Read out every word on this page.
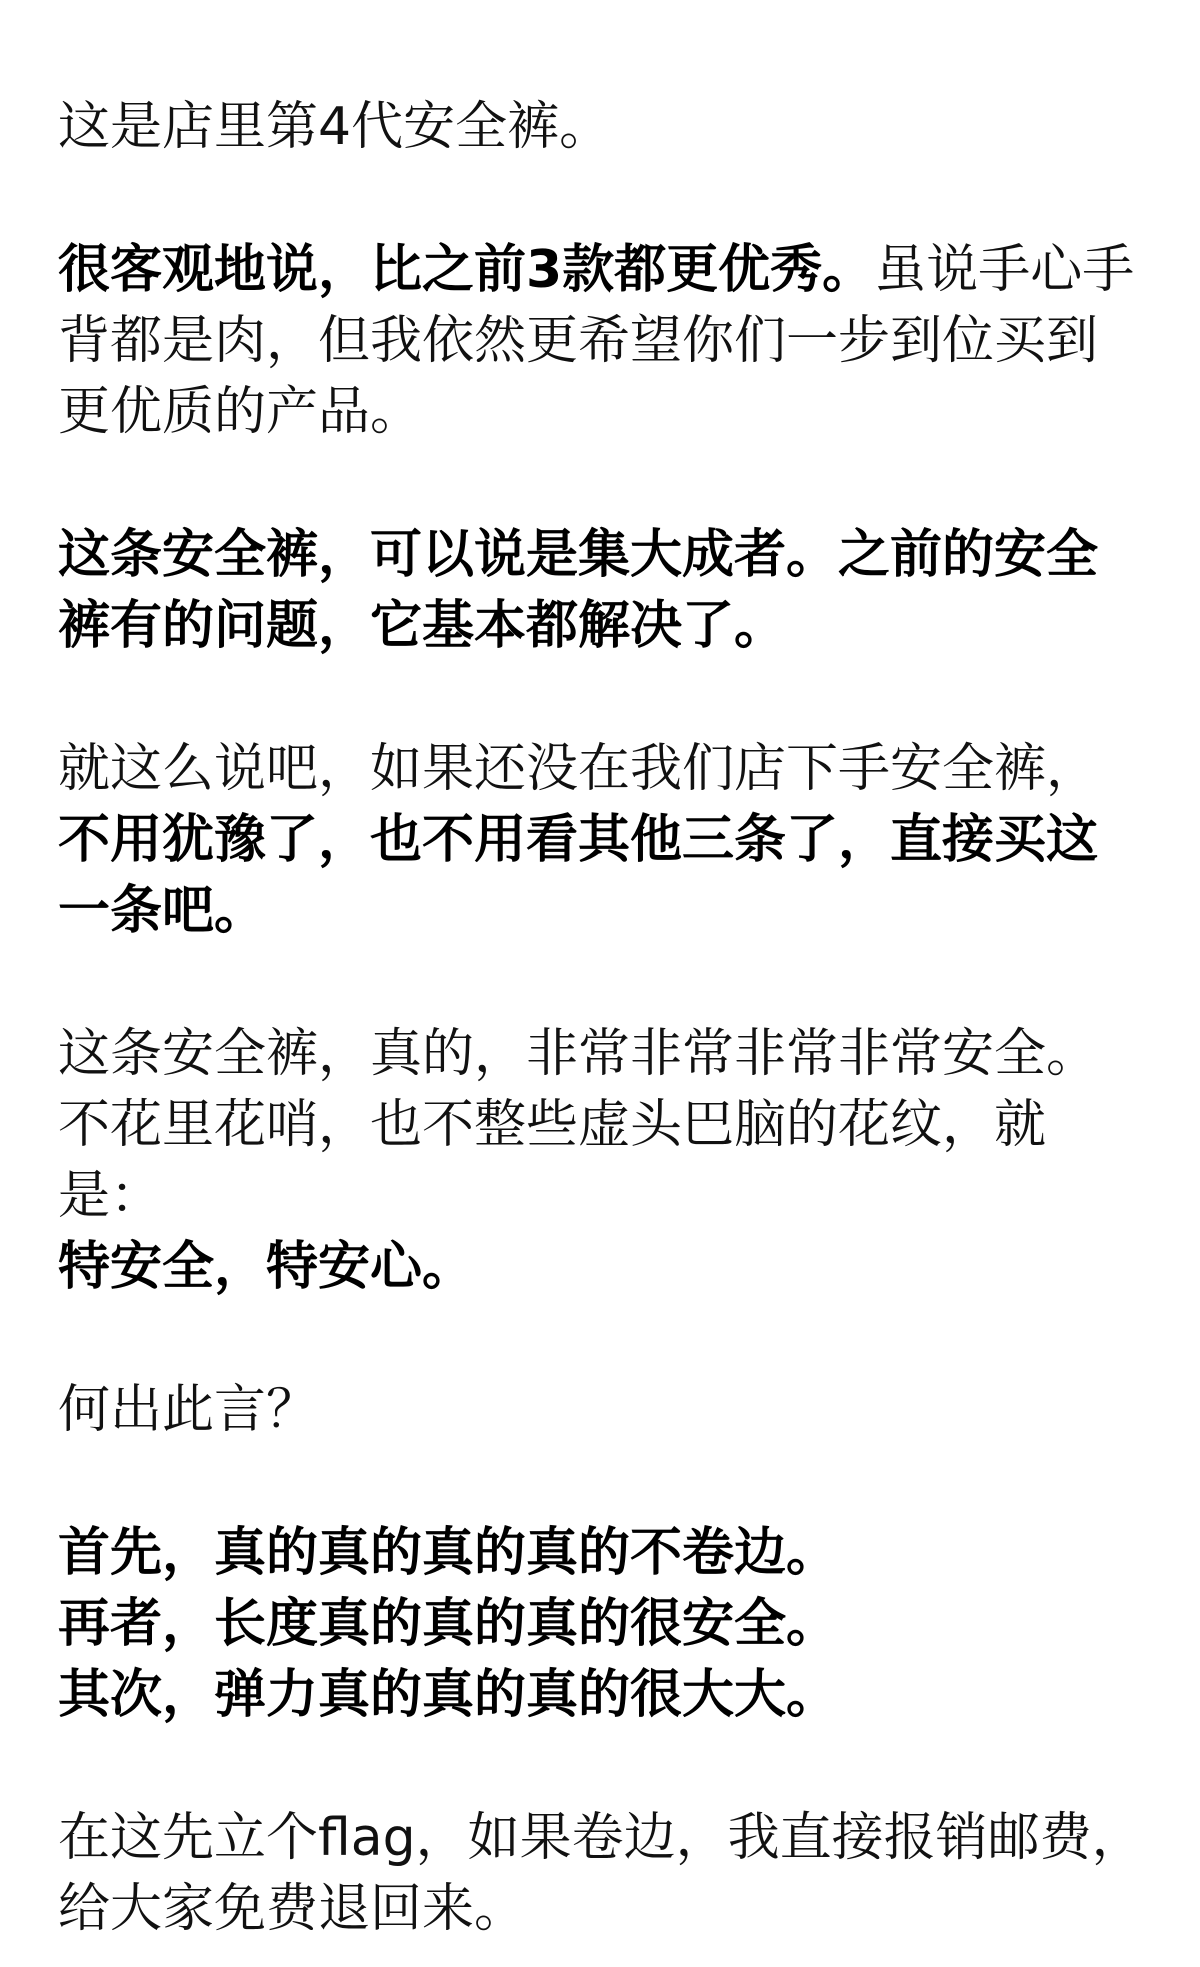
这是店里第4代安全裤。

很客观地说，比之前3款都更优秀。虽说手心手背都是肉，但我依然更希望你们一步到位买到更优质的产品。

这条安全裤，可以说是集大成者。之前的安全裤有的问题，它基本都解决了。

就这么说吧，如果还没在我们店下手安全裤，不用犹豫了，也不用看其他三条了，直接买这一条吧。

这条安全裤，真的，非常非常非常非常安全。
不花里花哨，也不整些虚头巴脑的花纹，就是：
特安全，特安心。

何出此言？

首先，真的真的真的真的不卷边。
再者，长度真的真的真的很安全。
其次，弹力真的真的真的很大大。

在这先立个flag，如果卷边，我直接报销邮费，给大家免费退回来。
